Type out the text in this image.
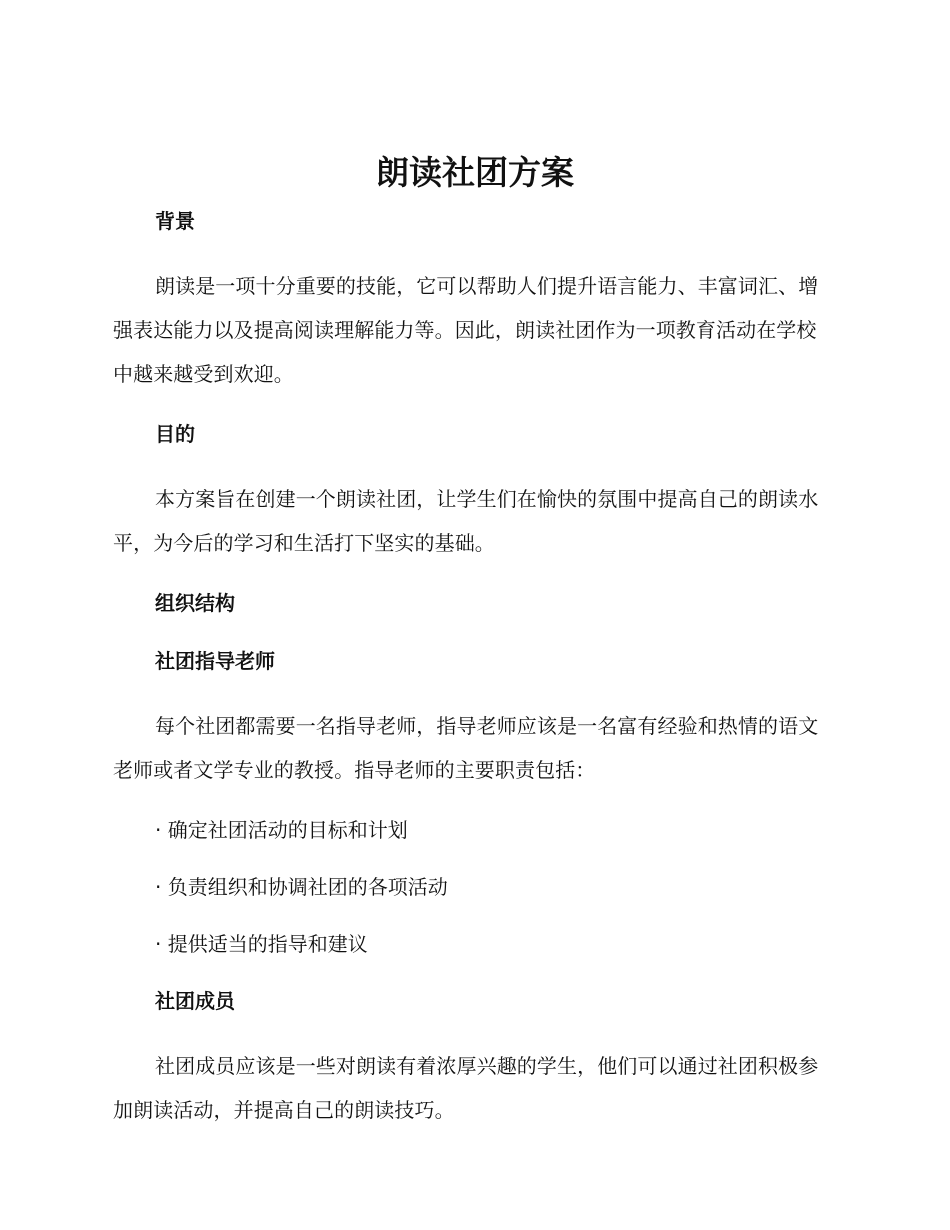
朗读社团方案
背景

朗读是一项十分重要的技能，它可以帮助人们提升语言能力、丰富词汇、增强表达能力以及提高阅读理解能力等。因此，朗读社团作为一项教育活动在学校中越来越受到欢迎。

目的

本方案旨在创建一个朗读社团，让学生们在愉快的氛围中提高自己的朗读水平，为今后的学习和生活打下坚实的基础。

组织结构
社团指导老师

每个社团都需要一名指导老师，指导老师应该是一名富有经验和热情的语文老师或者文学专业的教授。指导老师的主要职责包括：

· 确定社团活动的目标和计划
· 负责组织和协调社团的各项活动
· 提供适当的指导和建议
社团成员

社团成员应该是一些对朗读有着浓厚兴趣的学生，他们可以通过社团积极参加朗读活动，并提高自己的朗读技巧。
